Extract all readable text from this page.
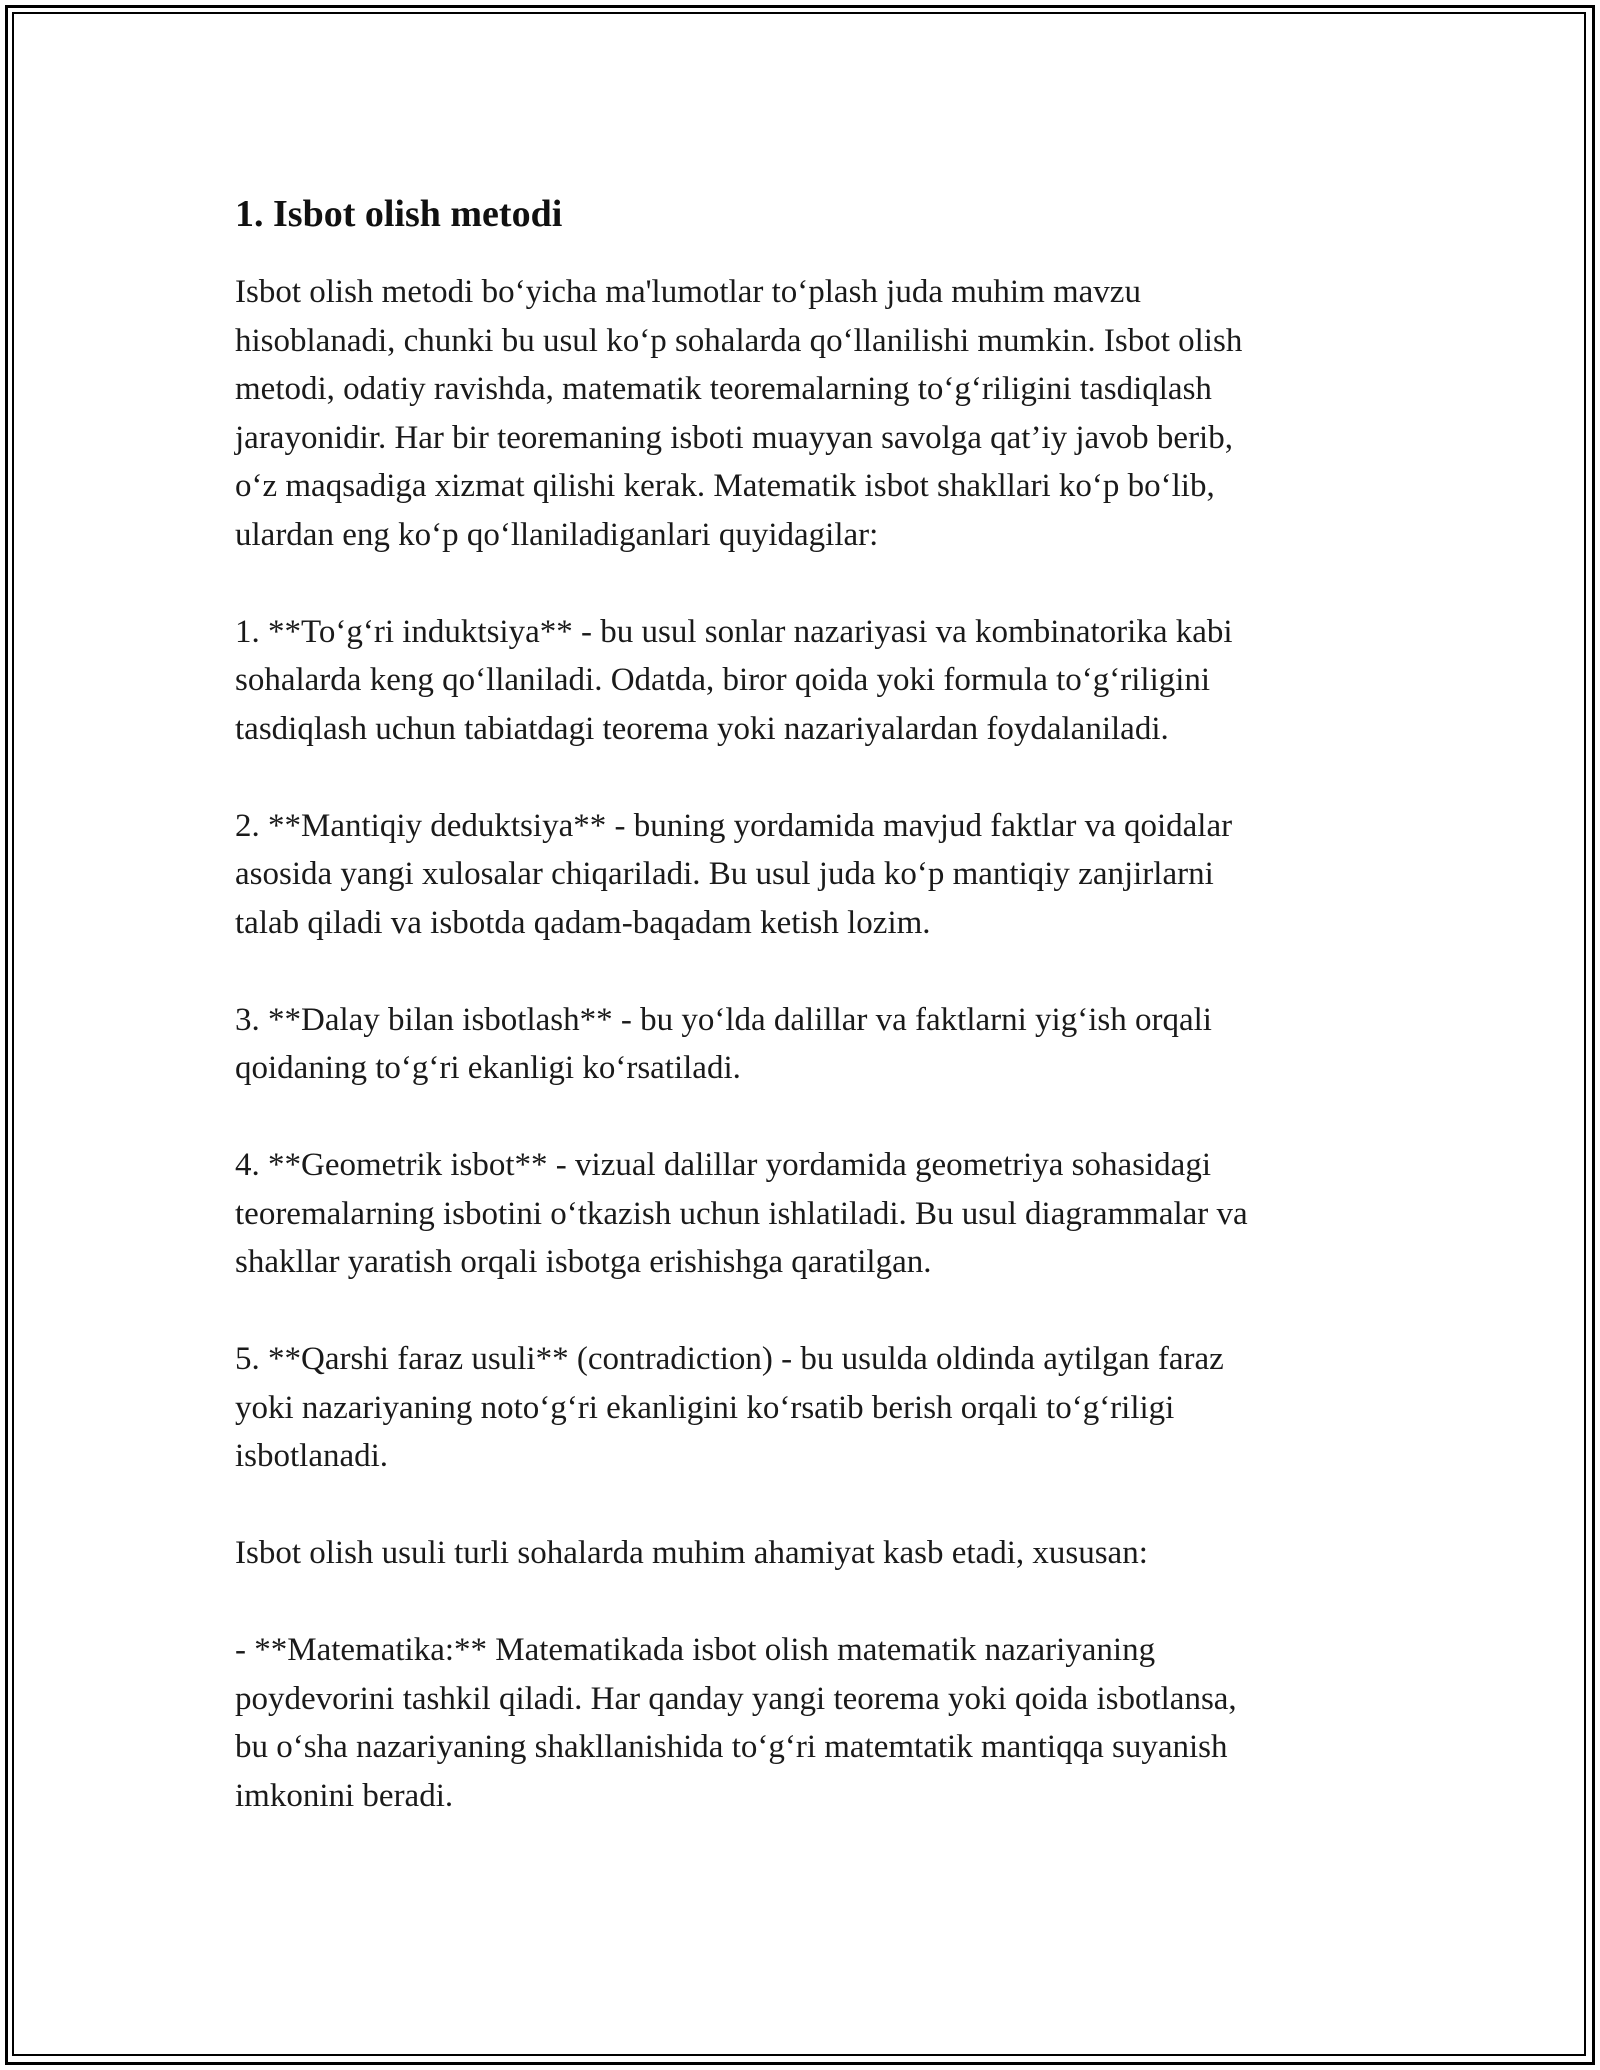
1. Isbot olish metodi

Isbot olish metodi bo‘yicha ma'lumotlar to‘plash juda muhim mavzu
hisoblanadi, chunki bu usul ko‘p sohalarda qo‘llanilishi mumkin. Isbot olish
metodi, odatiy ravishda, matematik teoremalarning to‘g‘riligini tasdiqlash
jarayonidir. Har bir teoremaning isboti muayyan savolga qat’iy javob berib,
o‘z maqsadiga xizmat qilishi kerak. Matematik isbot shakllari ko‘p bo‘lib,
ulardan eng ko‘p qo‘llaniladiganlari quyidagilar:

1. **To‘g‘ri induktsiya** - bu usul sonlar nazariyasi va kombinatorika kabi
sohalarda keng qo‘llaniladi. Odatda, biror qoida yoki formula to‘g‘riligini
tasdiqlash uchun tabiatdagi teorema yoki nazariyalardan foydalaniladi.

2. **Mantiqiy deduktsiya** - buning yordamida mavjud faktlar va qoidalar
asosida yangi xulosalar chiqariladi. Bu usul juda ko‘p mantiqiy zanjirlarni
talab qiladi va isbotda qadam-baqadam ketish lozim.

3. **Dalay bilan isbotlash** - bu yo‘lda dalillar va faktlarni yig‘ish orqali
qoidaning to‘g‘ri ekanligi ko‘rsatiladi.

4. **Geometrik isbot** - vizual dalillar yordamida geometriya sohasidagi
teoremalarning isbotini o‘tkazish uchun ishlatiladi. Bu usul diagrammalar va
shakllar yaratish orqali isbotga erishishga qaratilgan.

5. **Qarshi faraz usuli** (contradiction) - bu usulda oldinda aytilgan faraz
yoki nazariyaning noto‘g‘ri ekanligini ko‘rsatib berish orqali to‘g‘riligi
isbotlanadi.

Isbot olish usuli turli sohalarda muhim ahamiyat kasb etadi, xususan:

- **Matematika:** Matematikada isbot olish matematik nazariyaning
poydevorini tashkil qiladi. Har qanday yangi teorema yoki qoida isbotlansa,
bu o‘sha nazariyaning shakllanishida to‘g‘ri matemtatik mantiqqa suyanish
imkonini beradi.
